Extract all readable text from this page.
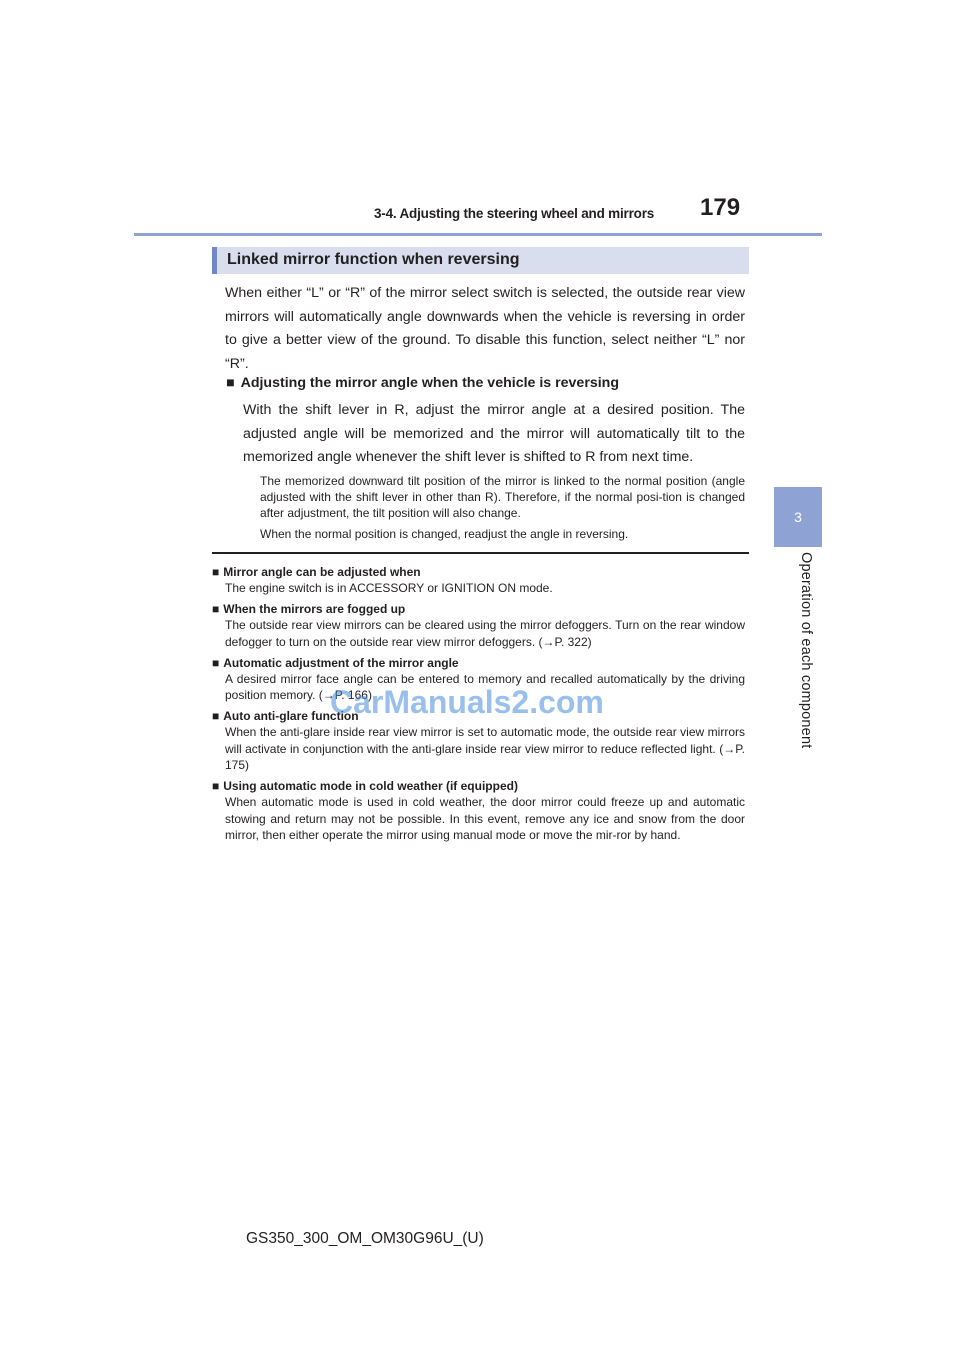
3-4. Adjusting the steering wheel and mirrors 179
3
Operation of each component
Linked mirror function when reversing
When either “L” or “R” of the mirror select switch is selected, the outside rear view mirrors will automatically angle downwards when the vehicle is reversing in order to give a better view of the ground. To disable this function, select neither “L” nor “R”.
■ Adjusting the mirror angle when the vehicle is reversing
With the shift lever in R, adjust the mirror angle at a desired position. The adjusted angle will be memorized and the mirror will automatically tilt to the memorized angle whenever the shift lever is shifted to R from next time.
The memorized downward tilt position of the mirror is linked to the normal position (angle adjusted with the shift lever in other than R). Therefore, if the normal posi-tion is changed after adjustment, the tilt position will also change.
When the normal position is changed, readjust the angle in reversing.
■ Mirror angle can be adjusted when
The engine switch is in ACCESSORY or IGNITION ON mode.
■ When the mirrors are fogged up
The outside rear view mirrors can be cleared using the mirror defoggers. Turn on the rear window defogger to turn on the outside rear view mirror defoggers. (→P. 322)
■ Automatic adjustment of the mirror angle
A desired mirror face angle can be entered to memory and recalled automatically by the driving position memory. (→P. 166)
■ Auto anti-glare function
When the anti-glare inside rear view mirror is set to automatic mode, the outside rear view mirrors will activate in conjunction with the anti-glare inside rear view mirror to reduce reflected light. (→P. 175)
■ Using automatic mode in cold weather (if equipped)
When automatic mode is used in cold weather, the door mirror could freeze up and automatic stowing and return may not be possible. In this event, remove any ice and snow from the door mirror, then either operate the mirror using manual mode or move the mir-ror by hand.
CarManuals2.com
GS350_300_OM_OM30G96U_(U)
